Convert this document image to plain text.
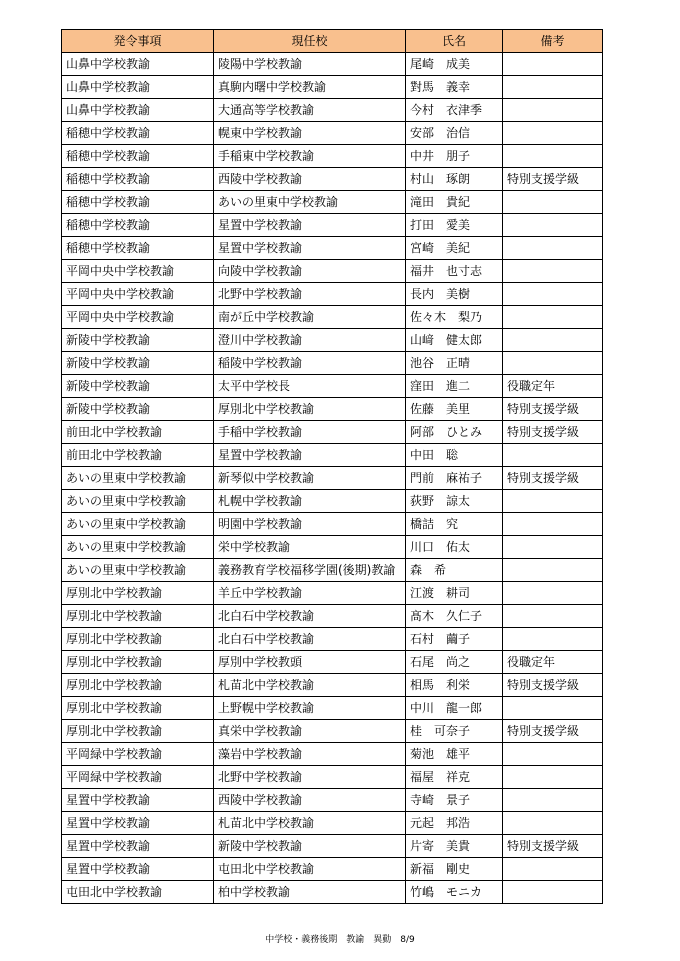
発令事項	現任校	氏名	備考
山鼻中学校教諭	陵陽中学校教諭	尾崎　成美	
山鼻中学校教諭	真駒内曙中学校教諭	對馬　義幸	
山鼻中学校教諭	大通高等学校教諭	今村　衣津季	
稲穂中学校教諭	幌東中学校教諭	安部　治信	
稲穂中学校教諭	手稲東中学校教諭	中井　朋子	
稲穂中学校教諭	西陵中学校教諭	村山　琢朗	特別支援学級
稲穂中学校教諭	あいの里東中学校教諭	滝田　貴紀	
稲穂中学校教諭	星置中学校教諭	打田　愛美	
稲穂中学校教諭	星置中学校教諭	宮崎　美紀	
平岡中央中学校教諭	向陵中学校教諭	福井　也寸志	
平岡中央中学校教諭	北野中学校教諭	長内　美樹	
平岡中央中学校教諭	南が丘中学校教諭	佐々木　梨乃	
新陵中学校教諭	澄川中学校教諭	山﨑　健太郎	
新陵中学校教諭	稲陵中学校教諭	池谷　正晴	
新陵中学校教諭	太平中学校長	窪田　進二	役職定年
新陵中学校教諭	厚別北中学校教諭	佐藤　美里	特別支援学級
前田北中学校教諭	手稲中学校教諭	阿部　ひとみ	特別支援学級
前田北中学校教諭	星置中学校教諭	中田　聡	
あいの里東中学校教諭	新琴似中学校教諭	門前　麻祐子	特別支援学級
あいの里東中学校教諭	札幌中学校教諭	荻野　諒太	
あいの里東中学校教諭	明園中学校教諭	橋詰　究	
あいの里東中学校教諭	栄中学校教諭	川口　佑太	
あいの里東中学校教諭	義務教育学校福移学園(後期)教諭	森　希	
厚別北中学校教諭	羊丘中学校教諭	江渡　耕司	
厚別北中学校教諭	北白石中学校教諭	髙木　久仁子	
厚別北中学校教諭	北白石中学校教諭	石村　繭子	
厚別北中学校教諭	厚別中学校教頭	石尾　尚之	役職定年
厚別北中学校教諭	札苗北中学校教諭	相馬　利栄	特別支援学級
厚別北中学校教諭	上野幌中学校教諭	中川　龍一郎	
厚別北中学校教諭	真栄中学校教諭	桂　可奈子	特別支援学級
平岡緑中学校教諭	藻岩中学校教諭	菊池　雄平	
平岡緑中学校教諭	北野中学校教諭	福屋　祥克	
星置中学校教諭	西陵中学校教諭	寺崎　景子	
星置中学校教諭	札苗北中学校教諭	元起　邦浩	
星置中学校教諭	新陵中学校教諭	片寄　美貴	特別支援学級
星置中学校教諭	屯田北中学校教諭	新福　剛史	
屯田北中学校教諭	柏中学校教諭	竹嶋　モニカ	
中学校・義務後期　教諭　異動　8/9
